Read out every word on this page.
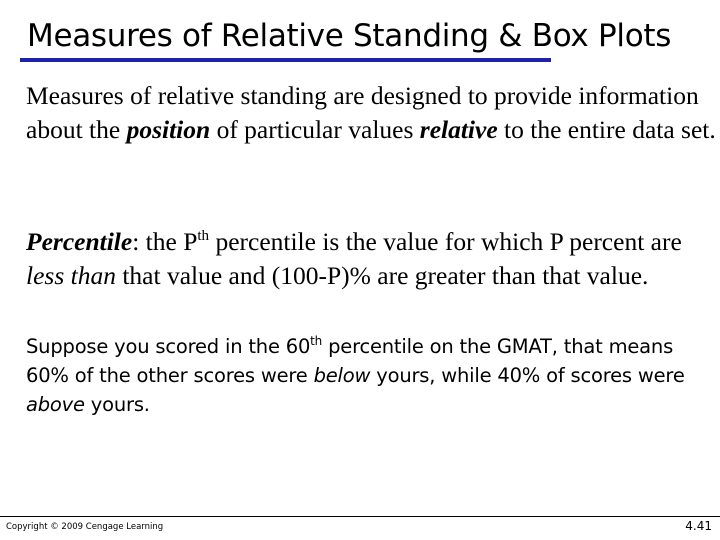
Measures of Relative Standing & Box Plots

Measures of relative standing are designed to provide information about the position of particular values relative to the entire data set.

Percentile: the $P^{th}$ percentile is the value for which P percent are less than that value and (100-P)% are greater than that value.

Suppose you scored in the 60th percentile on the GMAT, that means 60% of the other scores were below yours, while 40% of scores were above yours.

Copyright © 2009 Cengage Learning	4.41
